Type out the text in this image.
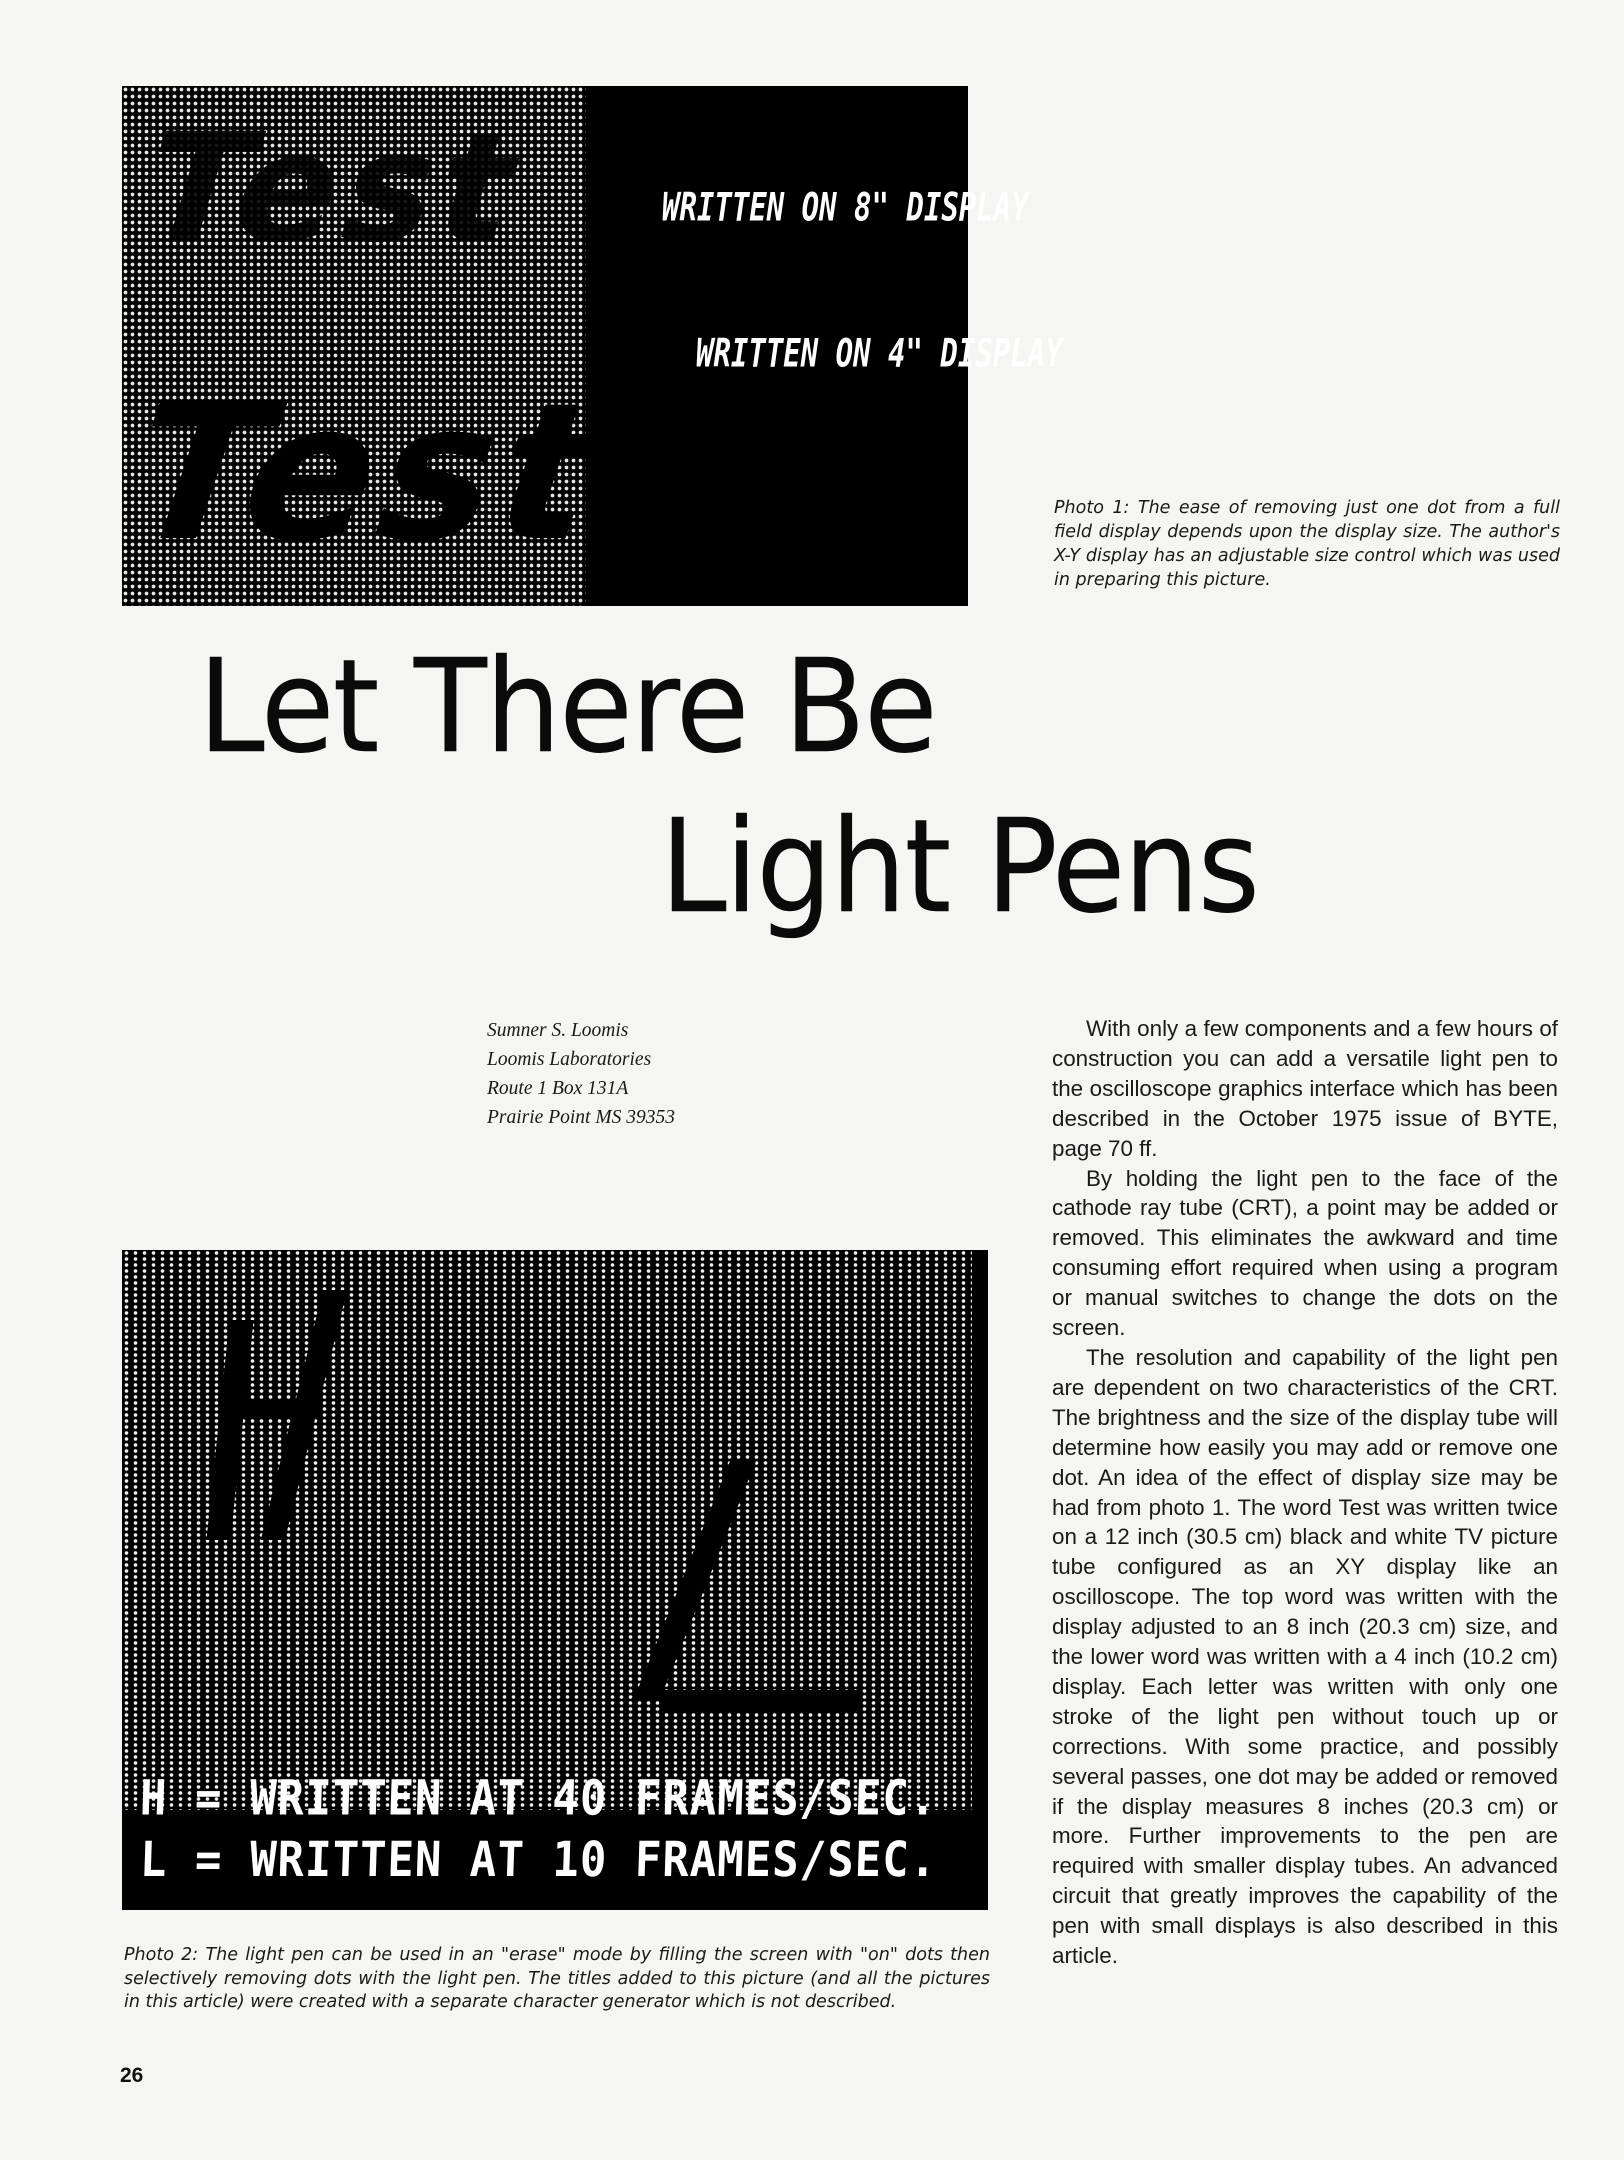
Test
Test
WRITTEN ON 8" DISPLAY
WRITTEN ON 4" DISPLAY
Photo 1: The ease of removing just one dot from a full field display depends upon the display size. The author's X-Y display has an adjustable size control which was used in preparing this picture.
Let There Be
Light Pens
Sumner S. Loomis
Loomis Laboratories
Route 1 Box 131A
Prairie Point MS 39353
H = WRITTEN AT 40 FRAMES/SEC.
L = WRITTEN AT 10 FRAMES/SEC.
Photo 2: The light pen can be used in an "erase" mode by filling the screen with "on" dots then selectively removing dots with the light pen. The titles added to this picture (and all the pictures in this article) were created with a separate character generator which is not described.

With only a few components and a few hours of construction you can add a versatile light pen to the oscilloscope graphics interface which has been described in the October 1975 issue of BYTE, page 70 ff.

By holding the light pen to the face of the cathode ray tube (CRT), a point may be added or removed. This eliminates the awkward and time consuming effort required when using a program or manual switches to change the dots on the screen.

The resolution and capability of the light pen are dependent on two characteristics of the CRT. The brightness and the size of the display tube will determine how easily you may add or remove one dot. An idea of the effect of display size may be had from photo 1. The word Test was written twice on a 12 inch (30.5 cm) black and white TV picture tube configured as an XY display like an oscilloscope. The top word was written with the display adjusted to an 8 inch (20.3 cm) size, and the lower word was written with a 4 inch (10.2 cm) display. Each letter was written with only one stroke of the light pen without touch up or corrections. With some practice, and possibly several passes, one dot may be added or removed if the display measures 8 inches (20.3 cm) or more. Further improvements to the pen are required with smaller display tubes. An advanced circuit that greatly improves the capability of the pen with small displays is also described in this article.

26
